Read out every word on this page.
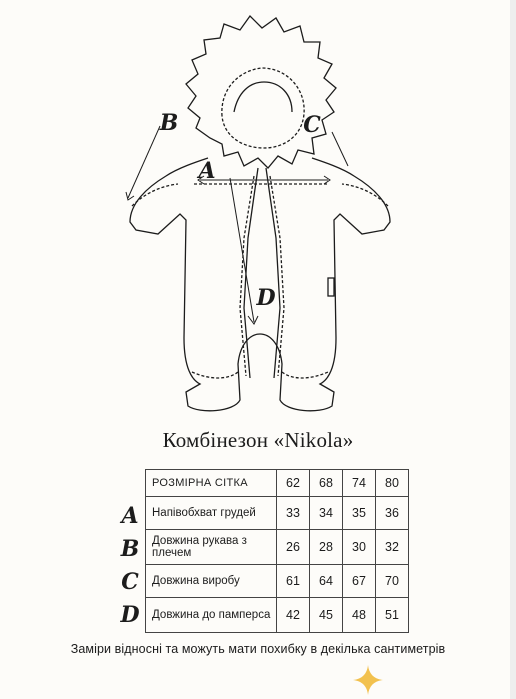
B	C
A
D
Комбінезон «Nikola»
A
B
C
D
РОЗМІРНА СІТКА	62	68	74	80
Напівобхват грудей	33	34	35	36
Довжина рукава з плечем	26	28	30	32
Довжина виробу	61	64	67	70
Довжина до памперса	42	45	48	51
Заміри відносні та можуть мати похибку в декілька сантиметрів
